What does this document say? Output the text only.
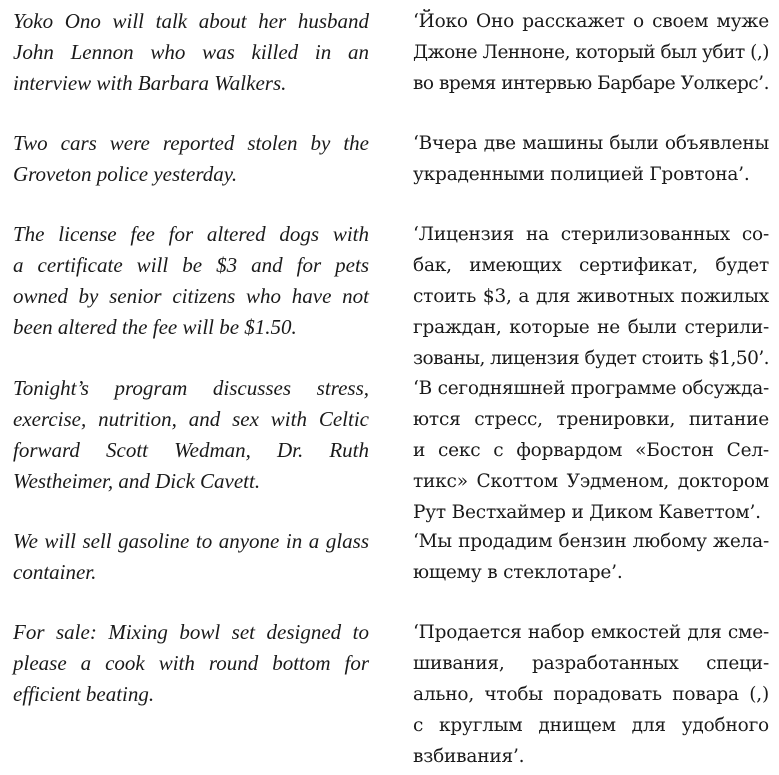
Yoko Ono will talk about her husband
John Lennon who was killed in an
interview with Barbara Walkers.

‘Йоко Оно расскажет о своем муже
Джоне Ленноне, который был убит (,)
во время интервью Барбаре Уолкерс’.

Two cars were reported stolen by the
Groveton police yesterday.

‘Вчера две машины были объявлены
украденными полицией Гровтона’.

The license fee for altered dogs with
a certificate will be $3 and for pets
owned by senior citizens who have not
been altered the fee will be $1.50.

‘Лицензия на стерилизованных со-
бак, имеющих сертификат, будет
стоить $3, а для животных пожилых
граждан, которые не были стерили-
зованы, лицензия будет стоить $1,50’.

Tonight’s program discusses stress,
exercise, nutrition, and sex with Celtic
forward Scott Wedman, Dr. Ruth
Westheimer, and Dick Cavett.

‘В сегодняшней программе обсужда-
ются стресс, тренировки, питание
и секс с форвардом «Бостон Сел-
тикс» Скоттом Уэдменом, доктором
Рут Вестхаймер и Диком Каветтом’.

We will sell gasoline to anyone in a glass
container.

‘Мы продадим бензин любому жела-
ющему в стеклотаре’.

For sale: Mixing bowl set designed to
please a cook with round bottom for
efficient beating.

‘Продается набор емкостей для сме-
шивания, разработанных специ-
ально, чтобы порадовать повара (,)
с круглым днищем для удобного
взбивания’.
